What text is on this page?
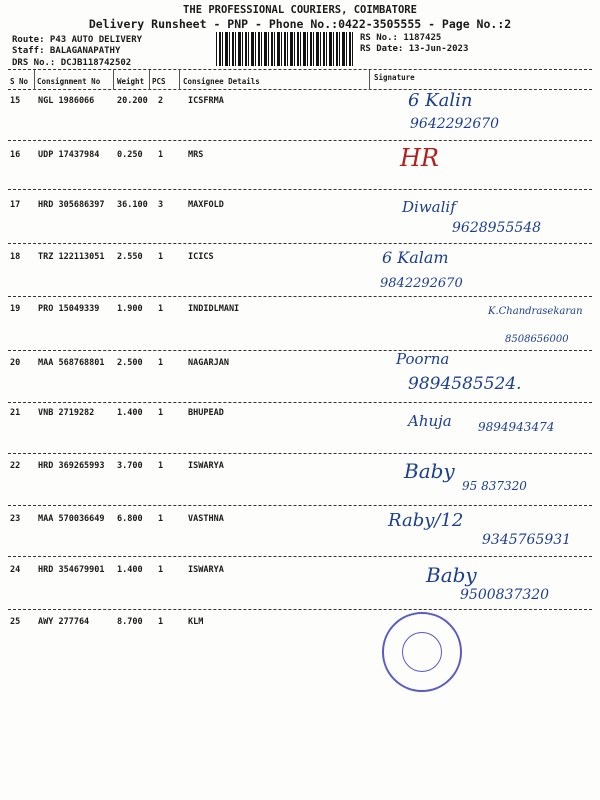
THE PROFESSIONAL COURIERS, COIMBATORE
Delivery Runsheet - PNP - Phone No.:0422-3505555 - Page No.:2
Route: P43 AUTO DELIVERY
Staff: BALAGANAPATHY
DRS No.: DCJB118742502
RS No.: 1187425
RS Date: 13-Jun-2023
S No Consignment No Weight PCS Consignee Details	Signature
15 NGL 1986066	20.200 2	ICSFRMA	6 Kalin
9642292670
16 UDP 17437984 0.250 1	MRS	HR
17 HRD 305686397 36.100 3	MAXFOLD	Diwalif
9628955548
18 TRZ 122113051 2.550 1	ICICS	6 Kalam
9842292670
19 PRO 15049339 1.900 1	INDIDLMANI	K.Chandrasekaran
8508656000
20 MAA 568768801 2.500 1	NAGARJAN	Poorna
9894585524.
21 VNB 2719282	1.400 1	BHUPEAD	Ahuja 9894943474
22 HRD 369265993 3.700 1	ISWARYA	Baby
95 837320
23 MAA 570036649 6.800 1	VASTHNA	Raby/12
9345765931
24 HRD 354679901 1.400 1	ISWARYA	Baby
9500837320
25 AWY 277764	8.700 1	KLM
